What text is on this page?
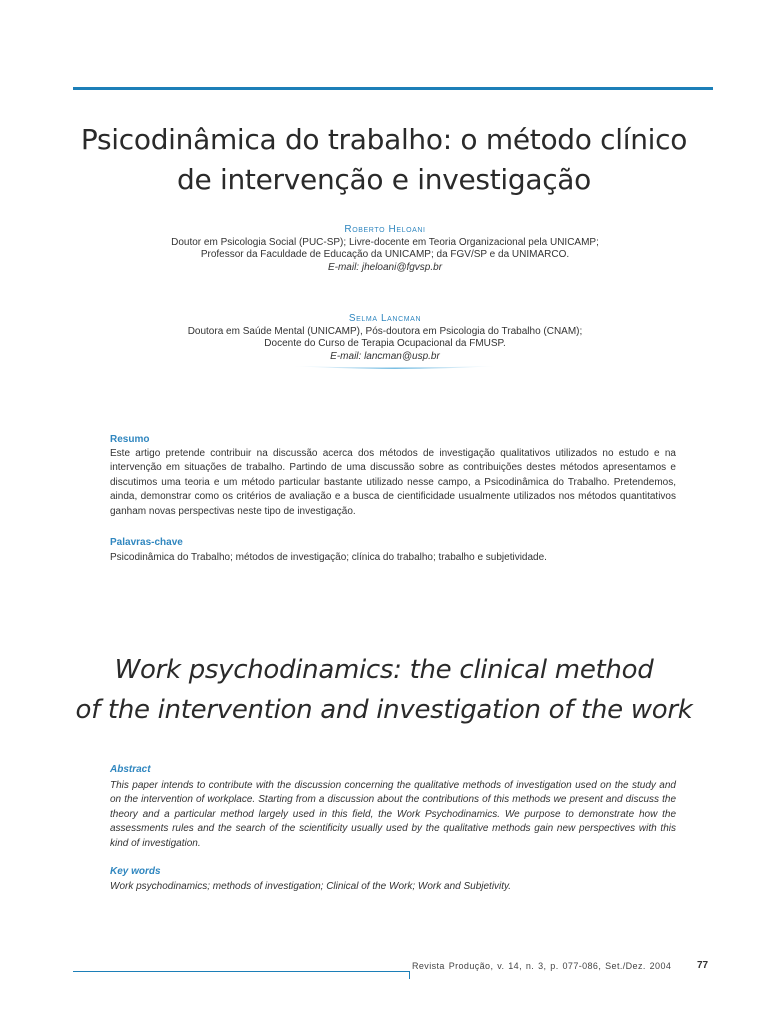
Psicodinâmica do trabalho: o método clínico
de intervenção e investigação
Roberto Heloani
Doutor em Psicologia Social (PUC-SP); Livre-docente em Teoria Organizacional pela UNICAMP;
Professor da Faculdade de Educação da UNICAMP; da FGV/SP e da UNIMARCO.
E-mail: jheloani@fgvsp.br
Selma Lancman
Doutora em Saúde Mental (UNICAMP), Pós-doutora em Psicologia do Trabalho (CNAM);
Docente do Curso de Terapia Ocupacional da FMUSP.
E-mail: lancman@usp.br
Resumo
Este artigo pretende contribuir na discussão acerca dos métodos de investigação qualitativos utilizados no estudo e na intervenção em situações de trabalho. Partindo de uma discussão sobre as contribuições destes métodos apresentamos e discutimos uma teoria e um método particular bastante utilizado nesse campo, a Psicodinâmica do Trabalho. Pretendemos, ainda, demonstrar como os critérios de avaliação e a busca de cientificidade usualmente utilizados nos métodos quantitativos ganham novas perspectivas neste tipo de investigação.
Palavras-chave
Psicodinâmica do Trabalho; métodos de investigação; clínica do trabalho; trabalho e subjetividade.
Work psychodinamics: the clinical method
of the intervention and investigation of the work
Abstract
This paper intends to contribute with the discussion concerning the qualitative methods of investigation used on the study and on the intervention of workplace. Starting from a discussion about the contributions of this methods we present and discuss the theory and a particular method largely used in this field, the Work Psychodinamics. We purpose to demonstrate how the assessments rules and the search of the scientificity usually used by the qualitative methods gain new perspectives with this kind of investigation.
Key words
Work psychodinamics; methods of investigation; Clinical of the Work; Work and Subjetivity.
Revista Produção, v. 14, n. 3, p. 077-086, Set./Dez. 2004	77
